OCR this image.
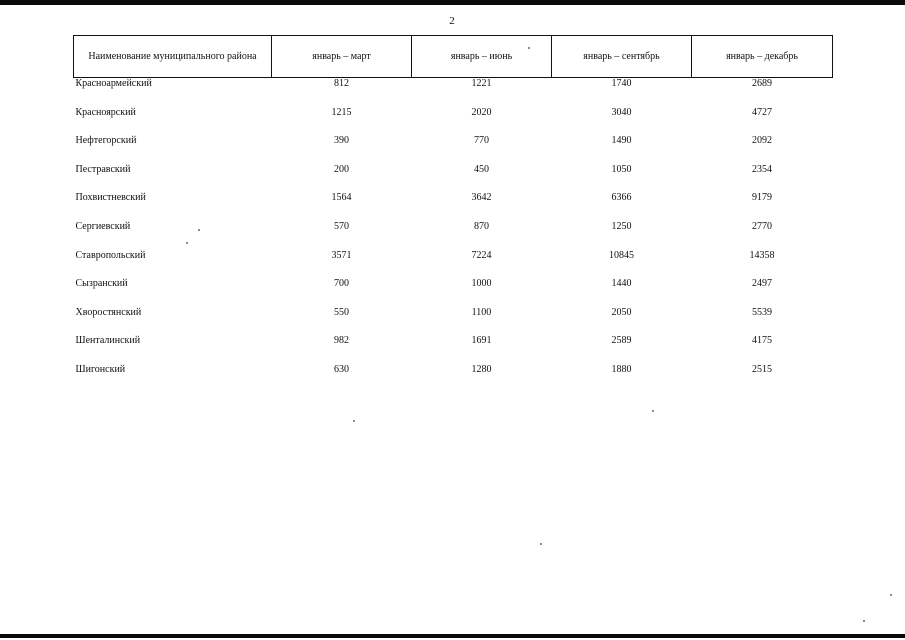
2
Наименование муниципального района	январь – март	январь – июнь	январь – сентябрь	январь – декабрь
Красноармейский	812	1221	1740	2689
Красноярский	1215	2020	3040	4727
Нефтегорский	390	770	1490	2092
Пестравский	200	450	1050	2354
Похвистневский	1564	3642	6366	9179
Сергиевский	570	870	1250	2770
Ставропольский	3571	7224	10845	14358
Сызранский	700	1000	1440	2497
Хворостянский	550	1100	2050	5539
Шенталинский	982	1691	2589	4175
Шигонский	630	1280	1880	2515
